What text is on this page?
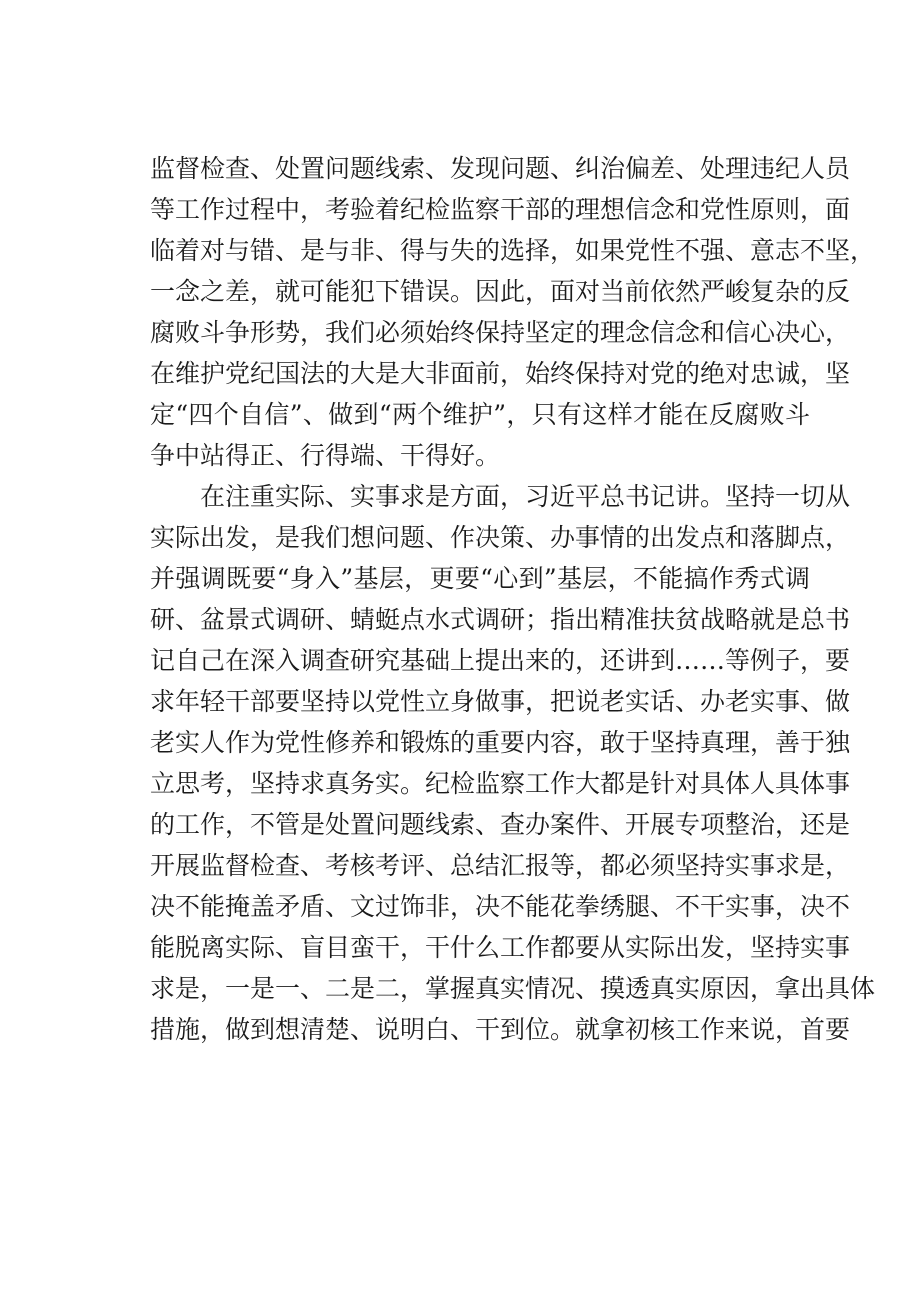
监督检查、处置问题线索、发现问题、纠治偏差、处理违纪人员
等工作过程中，考验着纪检监察干部的理想信念和党性原则，面
临着对与错、是与非、得与失的选择，如果党性不强、意志不坚，
一念之差，就可能犯下错误。因此，面对当前依然严峻复杂的反
腐败斗争形势，我们必须始终保持坚定的理念信念和信心决心，
在维护党纪国法的大是大非面前，始终保持对党的绝对忠诚，坚
定“四个自信”、做到“两个维护”，只有这样才能在反腐败斗
争中站得正、行得端、干得好。
在注重实际、实事求是方面，习近平总书记讲。坚持一切从
实际出发，是我们想问题、作决策、办事情的出发点和落脚点，
并强调既要“身入”基层，更要“心到”基层，不能搞作秀式调
研、盆景式调研、蜻蜓点水式调研；指出精准扶贫战略就是总书
记自己在深入调查研究基础上提出来的，还讲到……等例子，要
求年轻干部要坚持以党性立身做事，把说老实话、办老实事、做
老实人作为党性修养和锻炼的重要内容，敢于坚持真理，善于独
立思考，坚持求真务实。纪检监察工作大都是针对具体人具体事
的工作，不管是处置问题线索、查办案件、开展专项整治，还是
开展监督检查、考核考评、总结汇报等，都必须坚持实事求是，
决不能掩盖矛盾、文过饰非，决不能花拳绣腿、不干实事，决不
能脱离实际、盲目蛮干，干什么工作都要从实际出发，坚持实事
求是，一是一、二是二，掌握真实情况、摸透真实原因，拿出具体
措施，做到想清楚、说明白、干到位。就拿初核工作来说，首要
